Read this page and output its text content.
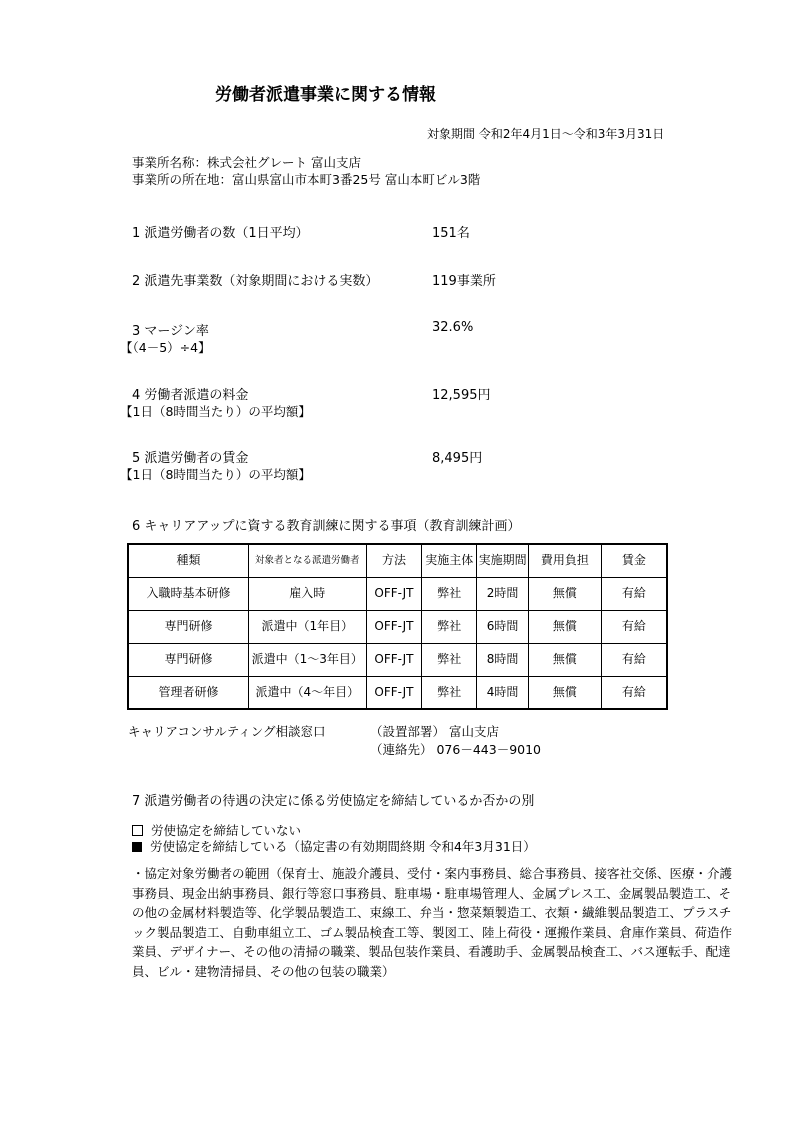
労働者派遣事業に関する情報
対象期間 令和2年4月1日～令和3年3月31日
事業所名称：株式会社グレート 富山支店
事業所の所在地：富山県富山市本町3番25号 富山本町ビル3階
1 派遣労働者の数（1日平均）	151名
2 派遣先事業数（対象期間における実数）	119事業所
3 マージン率
【（4－5）÷4】
32.6%
4 労働者派遣の料金
【1日（8時間当たり）の平均額】
12,595円
5 派遣労働者の賃金
【1日（8時間当たり）の平均額】
8,495円
6 キャリアアップに資する教育訓練に関する事項（教育訓練計画）
種類	対象者となる派遣労働者	方法	実施主体	実施期間	費用負担	賃金
入職時基本研修	雇入時	OFF-JT	弊社	2時間	無償	有給
専門研修	派遣中（1年目）	OFF-JT	弊社	6時間	無償	有給
専門研修	派遣中（1～3年目）	OFF-JT	弊社	8時間	無償	有給
管理者研修	派遣中（4～年目）	OFF-JT	弊社	4時間	無償	有給
キャリアコンサルティング相談窓口	（設置部署） 富山支店
（連絡先） 076－443－9010
7 派遣労働者の待遇の決定に係る労使協定を締結しているか否かの別
労使協定を締結していない
労使協定を締結している（協定書の有効期間終期 令和4年3月31日）
・協定対象労働者の範囲（保育士、施設介護員、受付・案内事務員、総合事務員、接客社交係、医療・介護事務員、現金出納事務員、銀行等窓口事務員、駐車場・駐車場管理人、金属プレス工、金属製品製造工、その他の金属材料製造等、化学製品製造工、束線工、弁当・惣菜類製造工、衣類・繊維製品製造工、プラスチック製品製造工、自動車組立工、ゴム製品検査工等、製図工、陸上荷役・運搬作業員、倉庫作業員、荷造作業員、デザイナー、その他の清掃の職業、製品包装作業員、看護助手、金属製品検査工、バス運転手、配達員、ビル・建物清掃員、その他の包装の職業）
